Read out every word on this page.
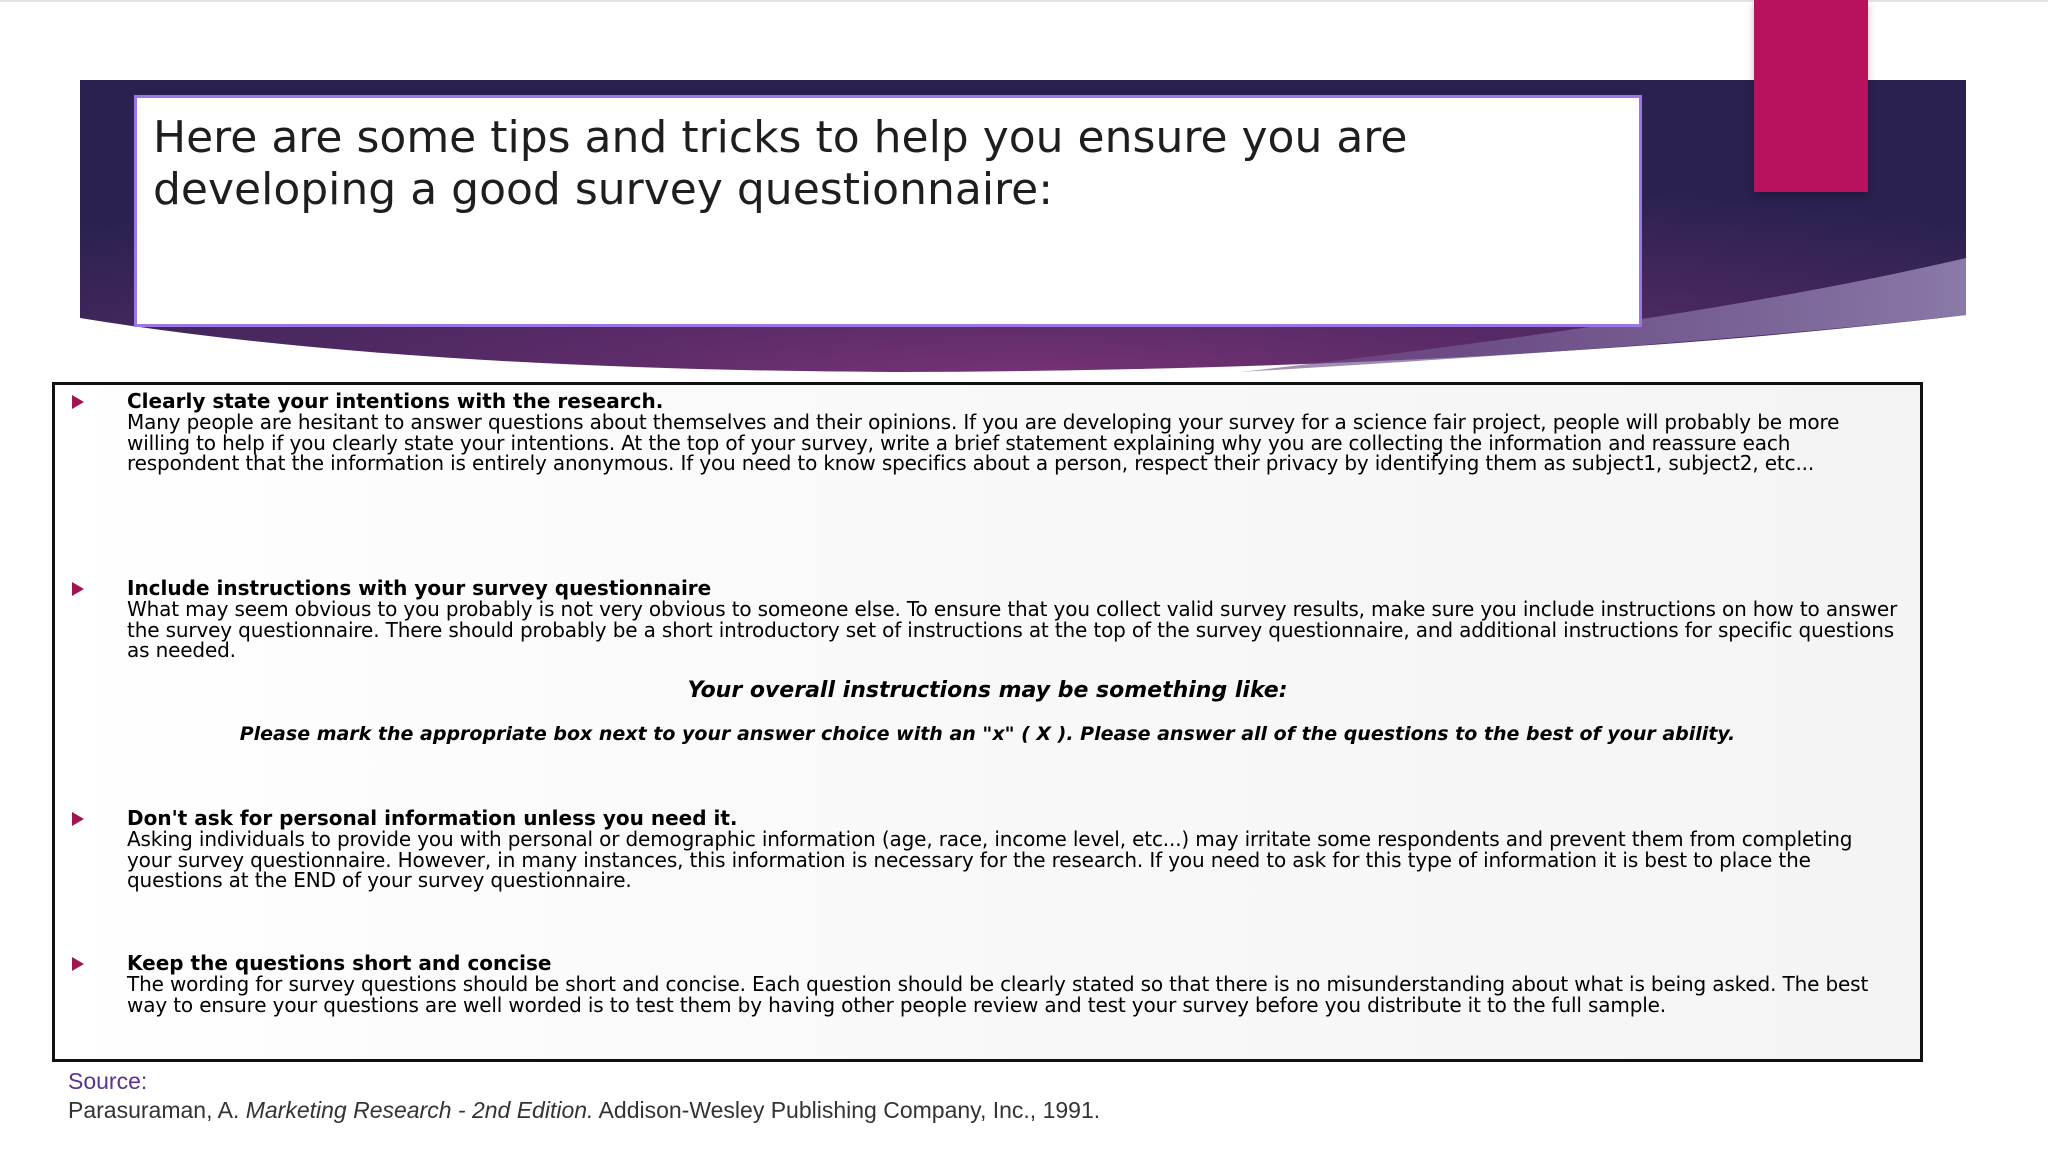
Here are some tips and tricks to help you ensure you are developing a good survey questionnaire:

Clearly state your intentions with the research.

Many people are hesitant to answer questions about themselves and their opinions. If you are developing your survey for a science fair project, people will probably be more willing to help if you clearly state your intentions. At the top of your survey, write a brief statement explaining why you are collecting the information and reassure each respondent that the information is entirely anonymous. If you need to know specifics about a person, respect their privacy by identifying them as subject1, subject2, etc...

Include instructions with your survey questionnaire

What may seem obvious to you probably is not very obvious to someone else. To ensure that you collect valid survey results, make sure you include instructions on how to answer the survey questionnaire. There should probably be a short introductory set of instructions at the top of the survey questionnaire, and additional instructions for specific questions as needed.

Your overall instructions may be something like:

Please mark the appropriate box next to your answer choice with an "x" ( X ). Please answer all of the questions to the best of your ability.

Don't ask for personal information unless you need it.

Asking individuals to provide you with personal or demographic information (age, race, income level, etc...) may irritate some respondents and prevent them from completing your survey questionnaire. However, in many instances, this information is necessary for the research. If you need to ask for this type of information it is best to place the questions at the END of your survey questionnaire.

Keep the questions short and concise

The wording for survey questions should be short and concise. Each question should be clearly stated so that there is no misunderstanding about what is being asked. The best way to ensure your questions are well worded is to test them by having other people review and test your survey before you distribute it to the full sample.

Source:
Parasuraman, A. Marketing Research - 2nd Edition. Addison-Wesley Publishing Company, Inc., 1991.
